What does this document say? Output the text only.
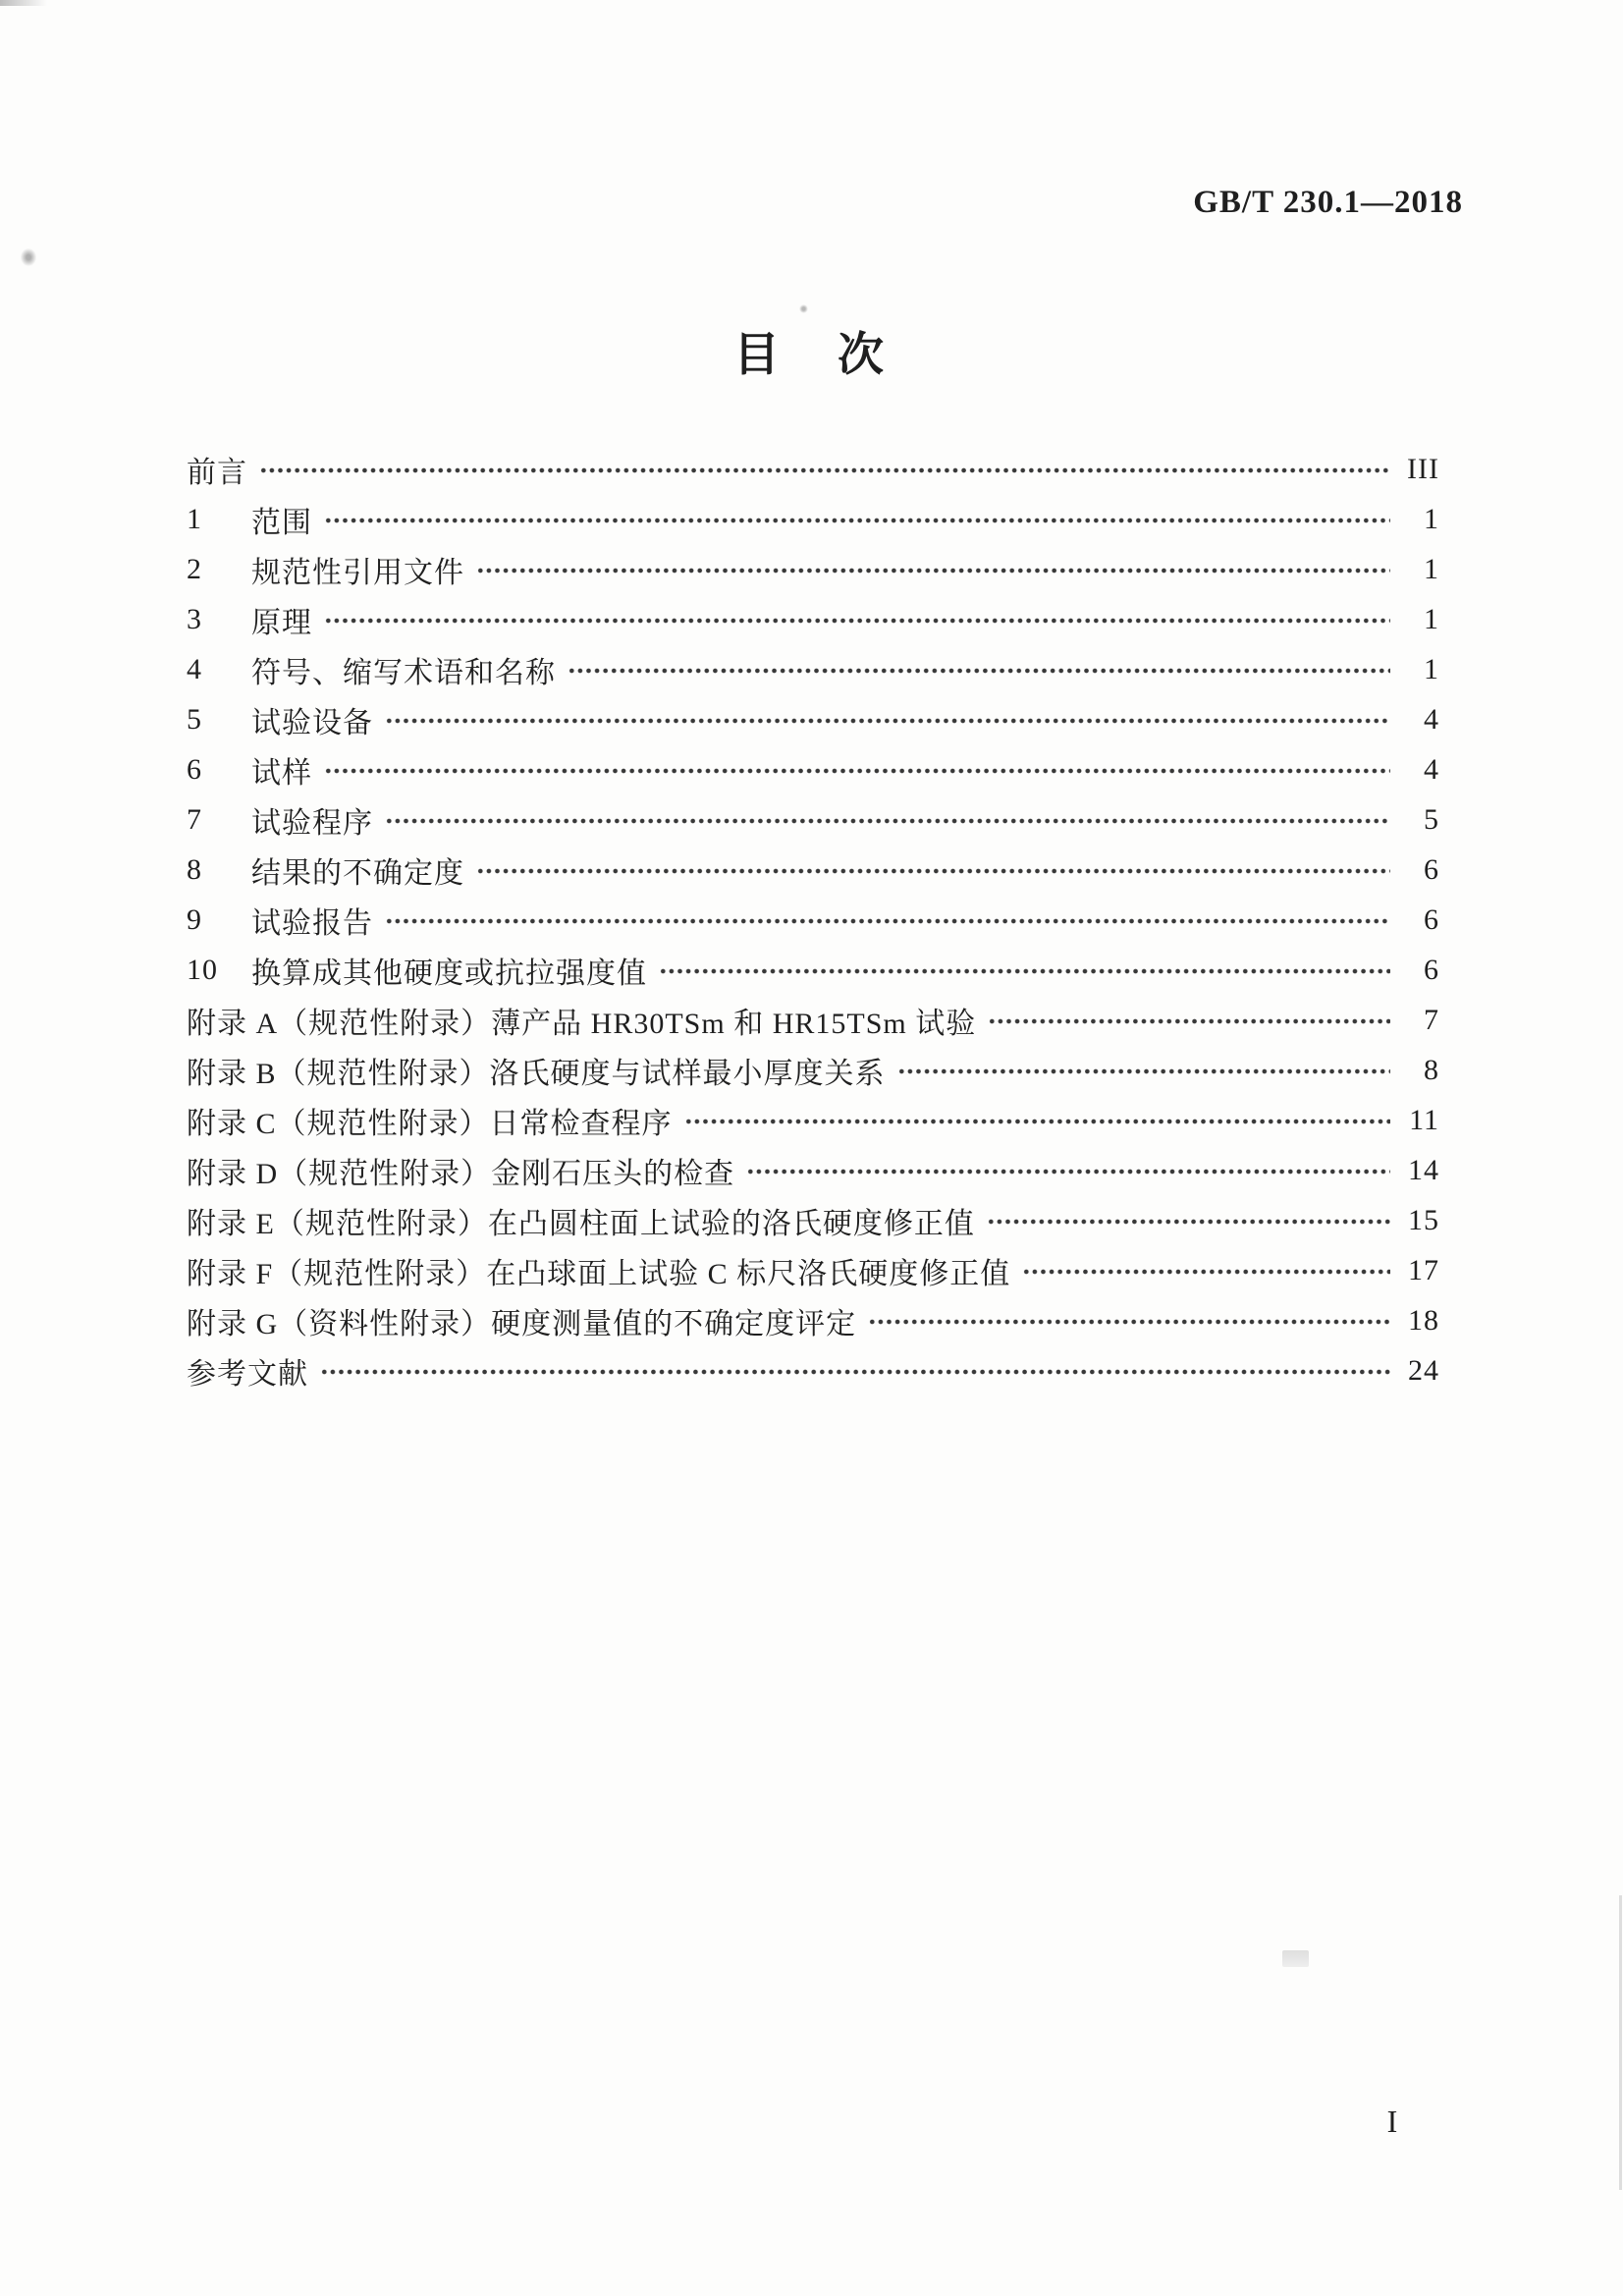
GB/T 230.1—2018
目　次
前言	III
1	范围	1
2	规范性引用文件	1
3	原理	1
4	符号、缩写术语和名称	1
5	试验设备	4
6	试样	4
7	试验程序	5
8	结果的不确定度	6
9	试验报告	6
10	换算成其他硬度或抗拉强度值	6
附录 A（规范性附录） 薄产品 HR30TSm 和 HR15TSm 试验	7
附录 B（规范性附录） 洛氏硬度与试样最小厚度关系	8
附录 C（规范性附录） 日常检查程序	11
附录 D（规范性附录） 金刚石压头的检查	14
附录 E（规范性附录） 在凸圆柱面上试验的洛氏硬度修正值	15
附录 F（规范性附录） 在凸球面上试验 C 标尺洛氏硬度修正值	17
附录 G（资料性附录） 硬度测量值的不确定度评定	18
参考文献	24
I
